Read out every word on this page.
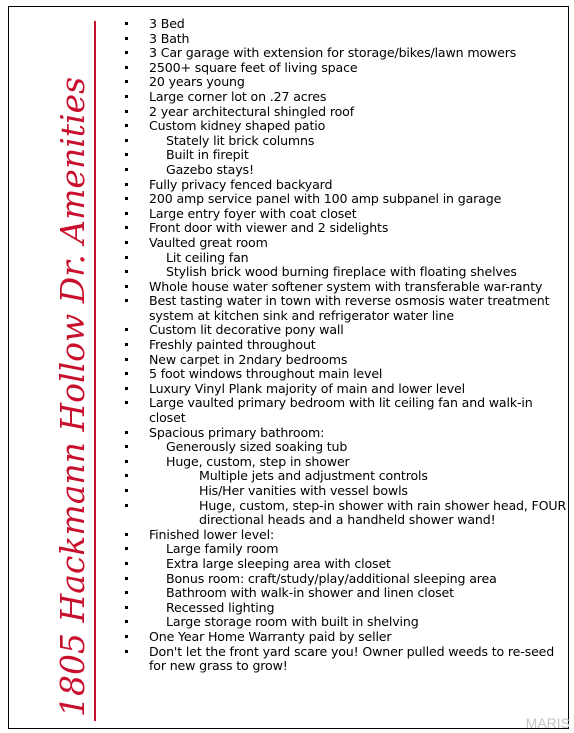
1805 Hackmann Hollow Dr. Amenities
3 Bed
3 Bath
3 Car garage with extension for storage/bikes/lawn mowers
2500+ square feet of living space
20 years young
Large corner lot on .27 acres
2 year architectural shingled roof
Custom kidney shaped patio
Stately lit brick columns
Built in firepit
Gazebo stays!
Fully privacy fenced backyard
200 amp service panel with 100 amp subpanel in garage
Large entry foyer with coat closet
Front door with viewer and 2 sidelights
Vaulted great room
Lit ceiling fan
Stylish brick wood burning fireplace with floating shelves
Whole house water softener system with transferable war-ranty
Best tasting water in town with reverse osmosis water treatment system at kitchen sink and refrigerator water line
Custom lit decorative pony wall
Freshly painted throughout
New carpet in 2ndary bedrooms
5 foot windows throughout main level
Luxury Vinyl Plank majority of main and lower level
Large vaulted primary bedroom with lit ceiling fan and walk-in closet
Spacious primary bathroom:
Generously sized soaking tub
Huge, custom, step in shower
Multiple jets and adjustment controls
His/Her vanities with vessel bowls
Huge, custom, step-in shower with rain shower head, FOUR directional heads and a handheld shower wand!
Finished lower level:
Large family room
Extra large sleeping area with closet
Bonus room: craft/study/play/additional sleeping area
Bathroom with walk-in shower and linen closet
Recessed lighting
Large storage room with built in shelving
One Year Home Warranty paid by seller
Don't let the front yard scare you! Owner pulled weeds to re-seed for new grass to grow!
MARIS
